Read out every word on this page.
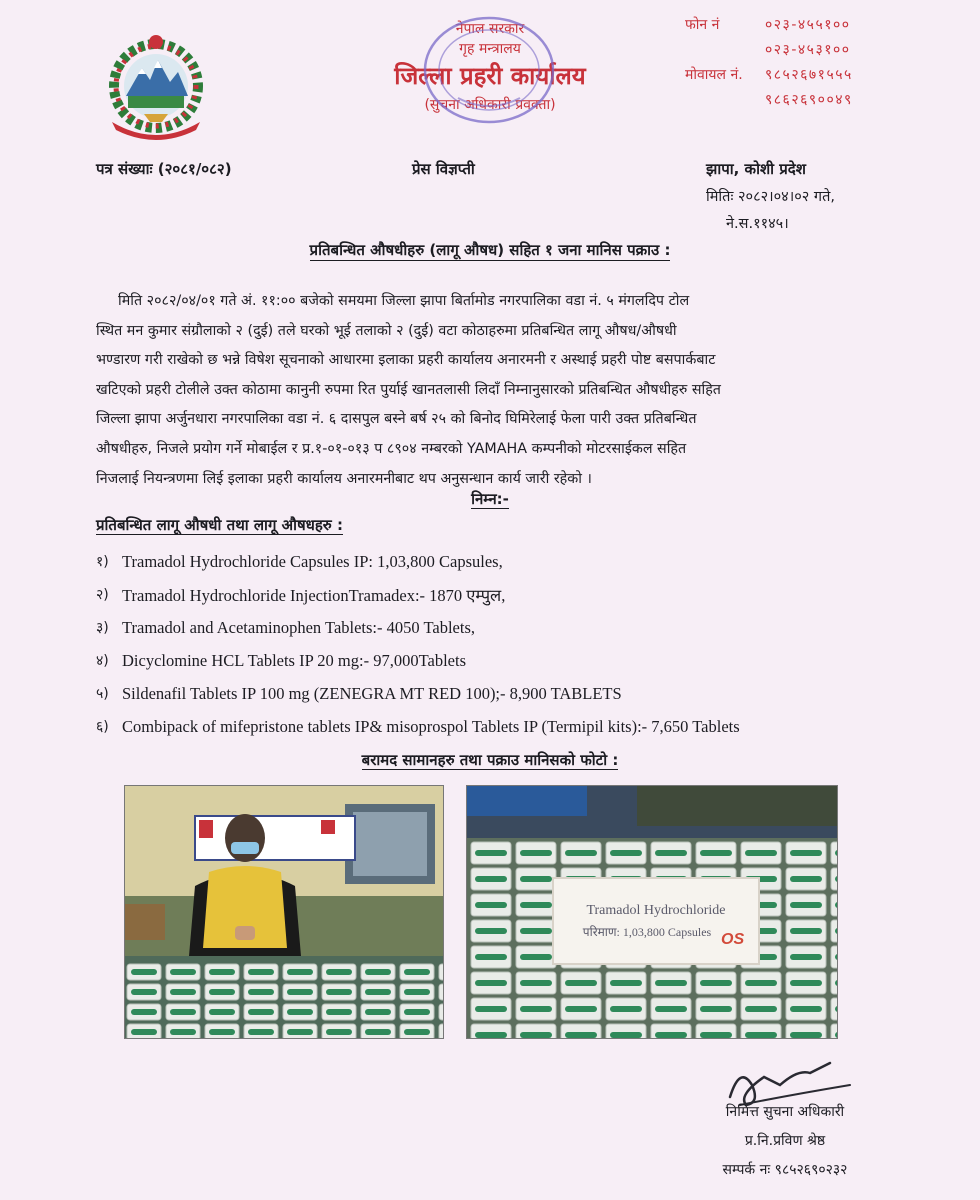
नेपाल सरकार
गृह मन्त्रालय
जिल्ला प्रहरी कार्यालय
(सुचना अधिकारी प्रवक्ता)
फोन नं	०२३-४५५१००
०२३-४५३१००
मोवायल नं.	९८५२६७१५५५
९८६२६९००४९
पत्र संख्याः (२०८१/०८२)	प्रेस विज्ञप्ती	झापा, कोशी प्रदेश
मितिः २०८२।०४।०२ गते,
ने.स.११४५।
प्रतिबन्धित औषधीहरु (लागू औषध) सहित १ जना मानिस पक्राउ :
मिति २०८२/०४/०१ गते अं. ११:०० बजेको समयमा जिल्ला झापा बिर्तामोड नगरपालिका वडा नं. ५ मंगलदिप टोल
स्थित मन कुमार संग्रौलाको २ (दुई) तले घरको भूई तलाको २ (दुई) वटा कोठाहरुमा प्रतिबन्धित लागू औषध/औषधी
भण्डारण गरी राखेको छ भन्ने विषेश सूचनाको आधारमा इलाका प्रहरी कार्यालय अनारमनी र अस्थाई प्रहरी पोष्ट बसपार्कबाट
खटिएको प्रहरी टोलीले उक्त कोठामा कानुनी रुपमा रित पुर्याई खानतलासी लिदाँ निम्नानुसारको प्रतिबन्धित औषधीहरु सहित
जिल्ला झापा अर्जुनधारा नगरपालिका वडा नं. ६ दासपुल बस्ने बर्ष २५ को बिनोद घिमिरेलाई फेला पारी उक्त प्रतिबन्धित
औषधीहरु, निजले प्रयोग गर्ने मोबाईल र प्र.१-०१-०१३ प ८९०४ नम्बरको YAMAHA कम्पनीको मोटरसाईकल सहित
निजलाई नियन्त्रणमा लिई इलाका प्रहरी कार्यालय अनारमनीबाट थप अनुसन्धान कार्य जारी रहेको ।
निम्न:-
प्रतिबन्धित लागू औषधी तथा लागू औषधहरु :
१) Tramadol Hydrochloride Capsules IP: 1,03,800 Capsules,
२) Tramadol Hydrochloride InjectionTramadex:- 1870 एम्पुल,
३) Tramadol and Acetaminophen Tablets:- 4050 Tablets,
४) Dicyclomine HCL Tablets IP 20 mg:- 97,000Tablets
५) Sildenafil Tablets IP 100 mg (ZENEGRA MT RED 100);- 8,900 TABLETS
६) Combipack of mifepristone tablets IP& misoprospol Tablets IP (Termipil kits):- 7,650 Tablets
बरामद सामानहरु तथा पक्राउ मानिसको फोटो :
Tramadol Hydrochloride
परिमाण: 1,03,800 Capsules OS
निमित्त सुचना अधिकारी
प्र.नि.प्रविण श्रेष्ठ
सम्पर्क नः ९८५२६९०२३२
